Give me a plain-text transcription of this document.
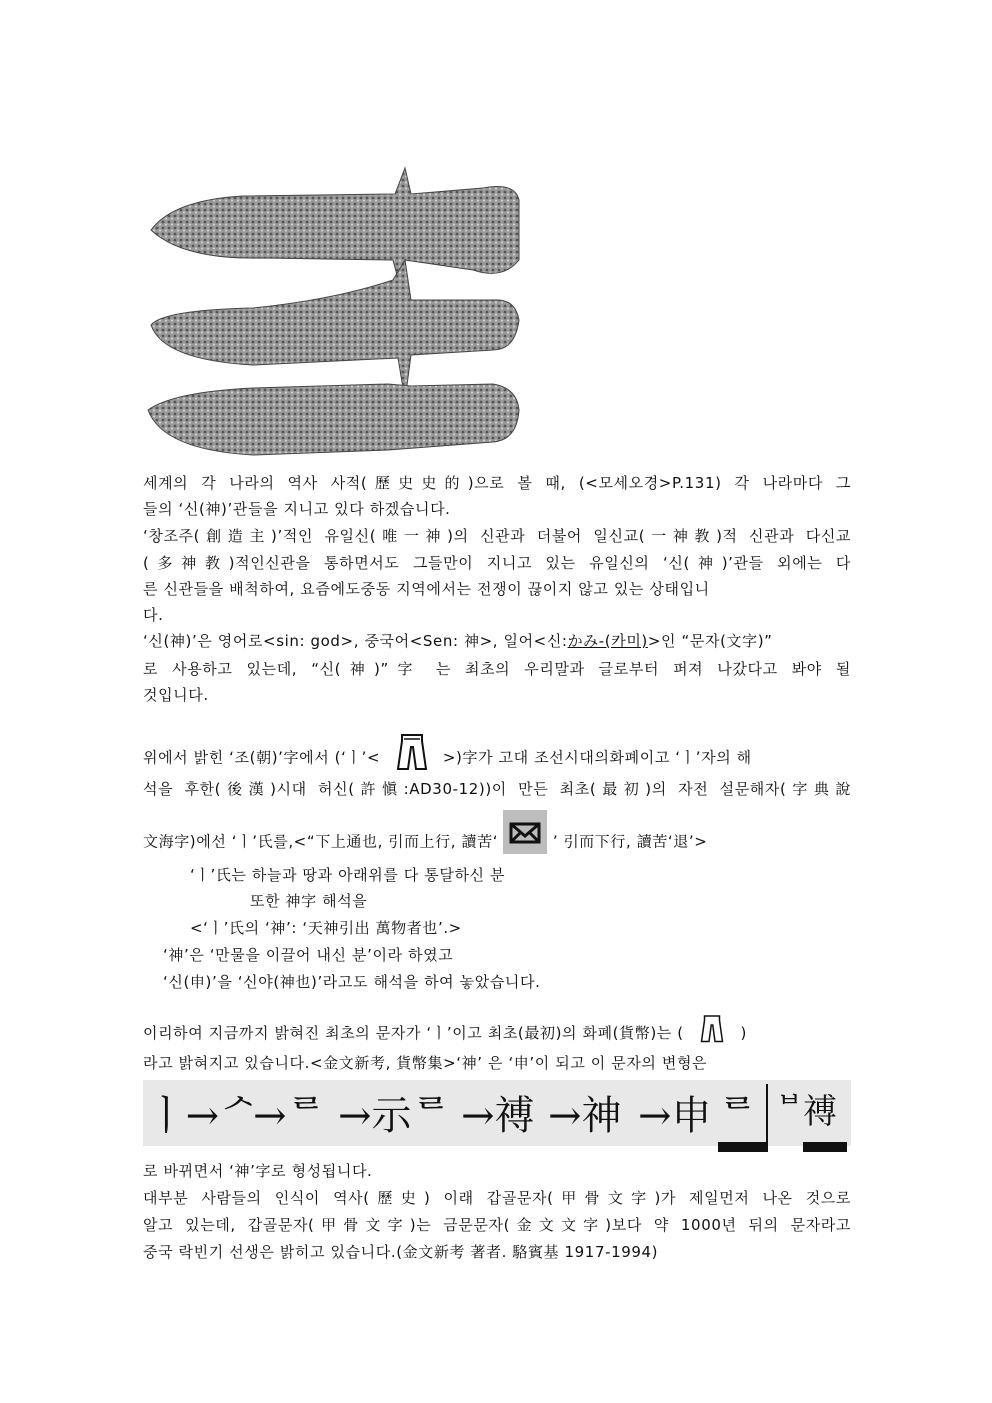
세계의 각 나라의 역사 사적(歷史史的)으로 볼 때, (<모세오경>P.131) 각 나라마다 그
들의 ‘신(神)’관들을 지니고 있다 하겠습니다.
‘창조주(創造主)’적인 유일신(唯一神)의 신관과 더불어 일신교(一神教)적 신관과 다신교
(多神教)적인신관을 통하면서도 그들만이 지니고 있는 유일신의 ‘신(神)’관들 외에는 다
른 신관들을 배척하여, 요즘에도중동 지역에서는 전쟁이 끊이지 않고 있는 상태입니
다.
‘신(神)’은 영어로<sin: god>, 중국어<Sen: 神>, 일어<신:かみ-(카미)>인 “문자(文字)”
로 사용하고 있는데, “신(神)”字 는 최초의 우리말과 글로부터 퍼져 나갔다고 봐야 될
것입니다.
위에서 밝힌 ‘조(朝)’字에서 (‘ㅣ’<	>)字가 고대 조선시대의화폐이고 ‘ㅣ’자의 해
석을 후한(後漢)시대 허신(許愼:AD30-12))이 만든 최초(最初)의 자전 설문해자(字典說
文海字)에선 ‘ㅣ’氏를,<“下上通也, 引而上行, 讀苦‘	’ 引而下行, 讀苦‘退’>
‘ㅣ’氏는 하늘과 땅과 아래위를 다 통달하신 분
또한 神字 해석을
<‘ㅣ’氏의 ‘神’: ‘天神引出 萬物者也’.>
‘神’은 ‘만물을 이끌어 내신 분’이라 하였고
‘신(申)’을 ‘신야(神也)’라고도 해석을 하여 놓았습니다.
이리하여 지금까지 밝혀진 최초의 문자가 ‘ㅣ’이고 최초(最初)의 화폐(貨幣)는 (	)
라고 밝혀지고 있습니다.<金文新考, 貨幣集>‘神’ 은 ‘申’이 되고 이 문자의 변형은
ㅣ→ᄼ
→ᄅ →示ᄅ →禣 →神 →申 ᄅ ᄇ 禣
로 바뀌면서 ‘神’字로 형성됩니다.
대부분 사람들의 인식이 역사(歷史) 이래 갑골문자(甲骨文字)가 제일먼저 나온 것으로
알고 있는데, 갑골문자(甲骨文字)는 금문문자(金文文字)보다 약 1000년 뒤의 문자라고
중국 락빈기 선생은 밝히고 있습니다.(金文新考 著者. 駱賓基 1917-1994)
